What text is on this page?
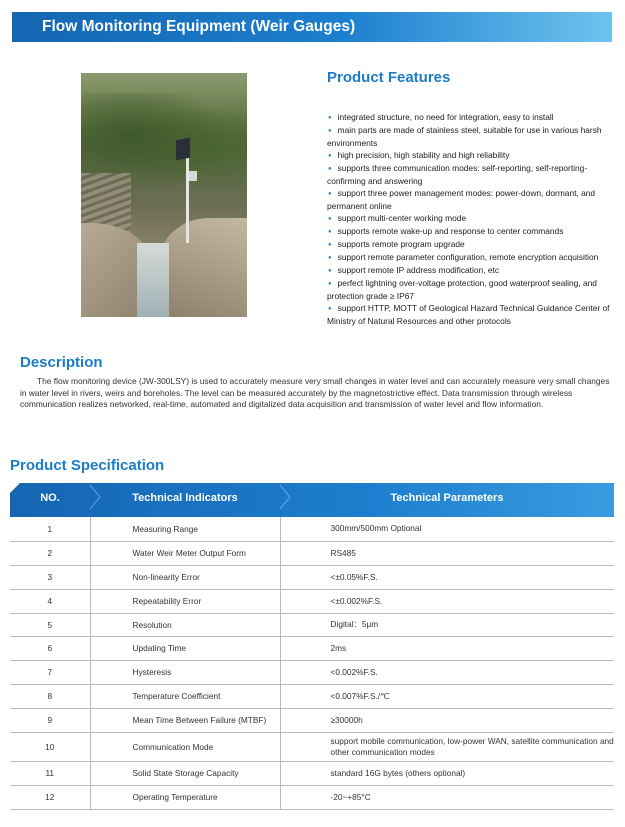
Flow Monitoring Equipment (Weir Gauges)
Product Features
● integrated structure, no need for integration, easy to install
● main parts are made of stainless steel, suitable for use in various harsh environments
● high precision, high stability and high reliability
● supports three communication modes: self-reporting, self-reporting-confirming and answering
● support three power management modes: power-down, dormant, and permanent online
● support multi-center working mode
● supports remote wake-up and response to center commands
● supports remote program upgrade
● support remote parameter configuration, remote encryption acquisition
● support remote IP address modification, etc
● perfect lightning over-voltage protection, good waterproof sealing, and protection grade ≥ IP67
● support HTTP, MOTT of Geological Hazard Technical Guidance Center of Ministry of Natural Resources and other protocols
Description

The flow monitoring device (JW-300LSY) is used to accurately measure very small changes in water level and can accurately measure very small changes in water level in rivers, weirs and boreholes. The level can be measured accurately by the magnetostrictive effect. Data transmission through wireless communication realizes networked, real-time, automated and digitalized data acquisition and transmission of water level and flow information.

Product Specification
NO.	Technical Indicators	Technical Parameters
1	Measuring Range	300mm/500mm Optional
2	Water Weir Meter Output Form	RS485
3	Non-linearity Error	<±0.05%F.S.
4	Repeatability Error	<±0.002%F.S.
5	Resolution	Digital：5μm
6	Updating Time	2ms
7	Hysteresis	<0.002%F.S.
8	Temperature Coefficient	<0.007%F.S./℃
9	Mean Time Between Failure (MTBF)	≥30000h
10	Communication Mode	support mobile communication, low-power WAN, satellite communication and other communication modes
11	Solid State Storage Capacity	standard 16G bytes (others optional)
12	Operating Temperature	-20~+85°C
